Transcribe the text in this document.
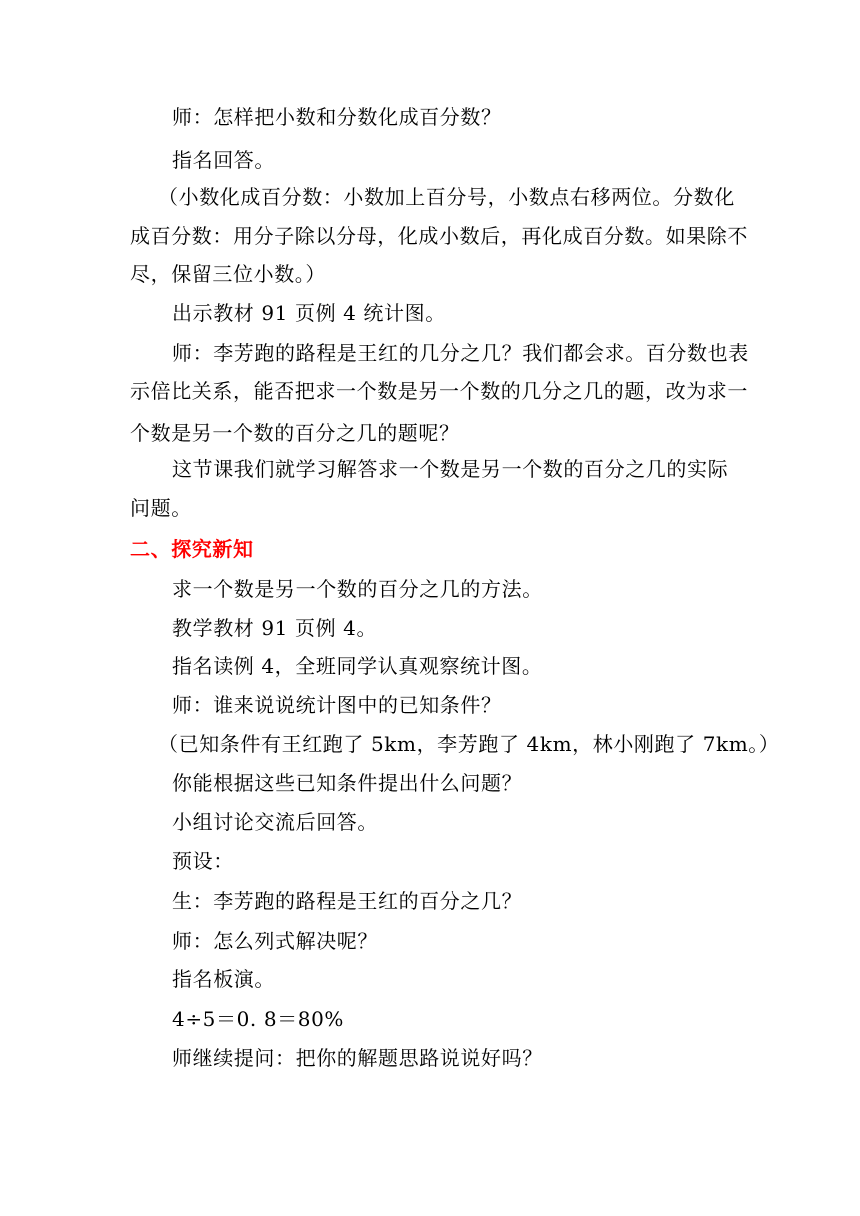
师：怎样把小数和分数化成百分数？
指名回答。
（小数化成百分数：小数加上百分号，小数点右移两位。分数化
成百分数：用分子除以分母，化成小数后，再化成百分数。如果除不
尽，保留三位小数。）
出示教材 91 页例 4 统计图。
师：李芳跑的路程是王红的几分之几？我们都会求。百分数也表
示倍比关系，能否把求一个数是另一个数的几分之几的题，改为求一
个数是另一个数的百分之几的题呢？
这节课我们就学习解答求一个数是另一个数的百分之几的实际
问题。
二、探究新知
求一个数是另一个数的百分之几的方法。
教学教材 91 页例 4。
指名读例 4，全班同学认真观察统计图。
师：谁来说说统计图中的已知条件？
（已知条件有王红跑了 5km，李芳跑了 4km，林小刚跑了 7km。）
你能根据这些已知条件提出什么问题？
小组讨论交流后回答。
预设：
生：李芳跑的路程是王红的百分之几？
师：怎么列式解决呢？
指名板演。
4÷5＝0. 8＝80%
师继续提问：把你的解题思路说说好吗？
